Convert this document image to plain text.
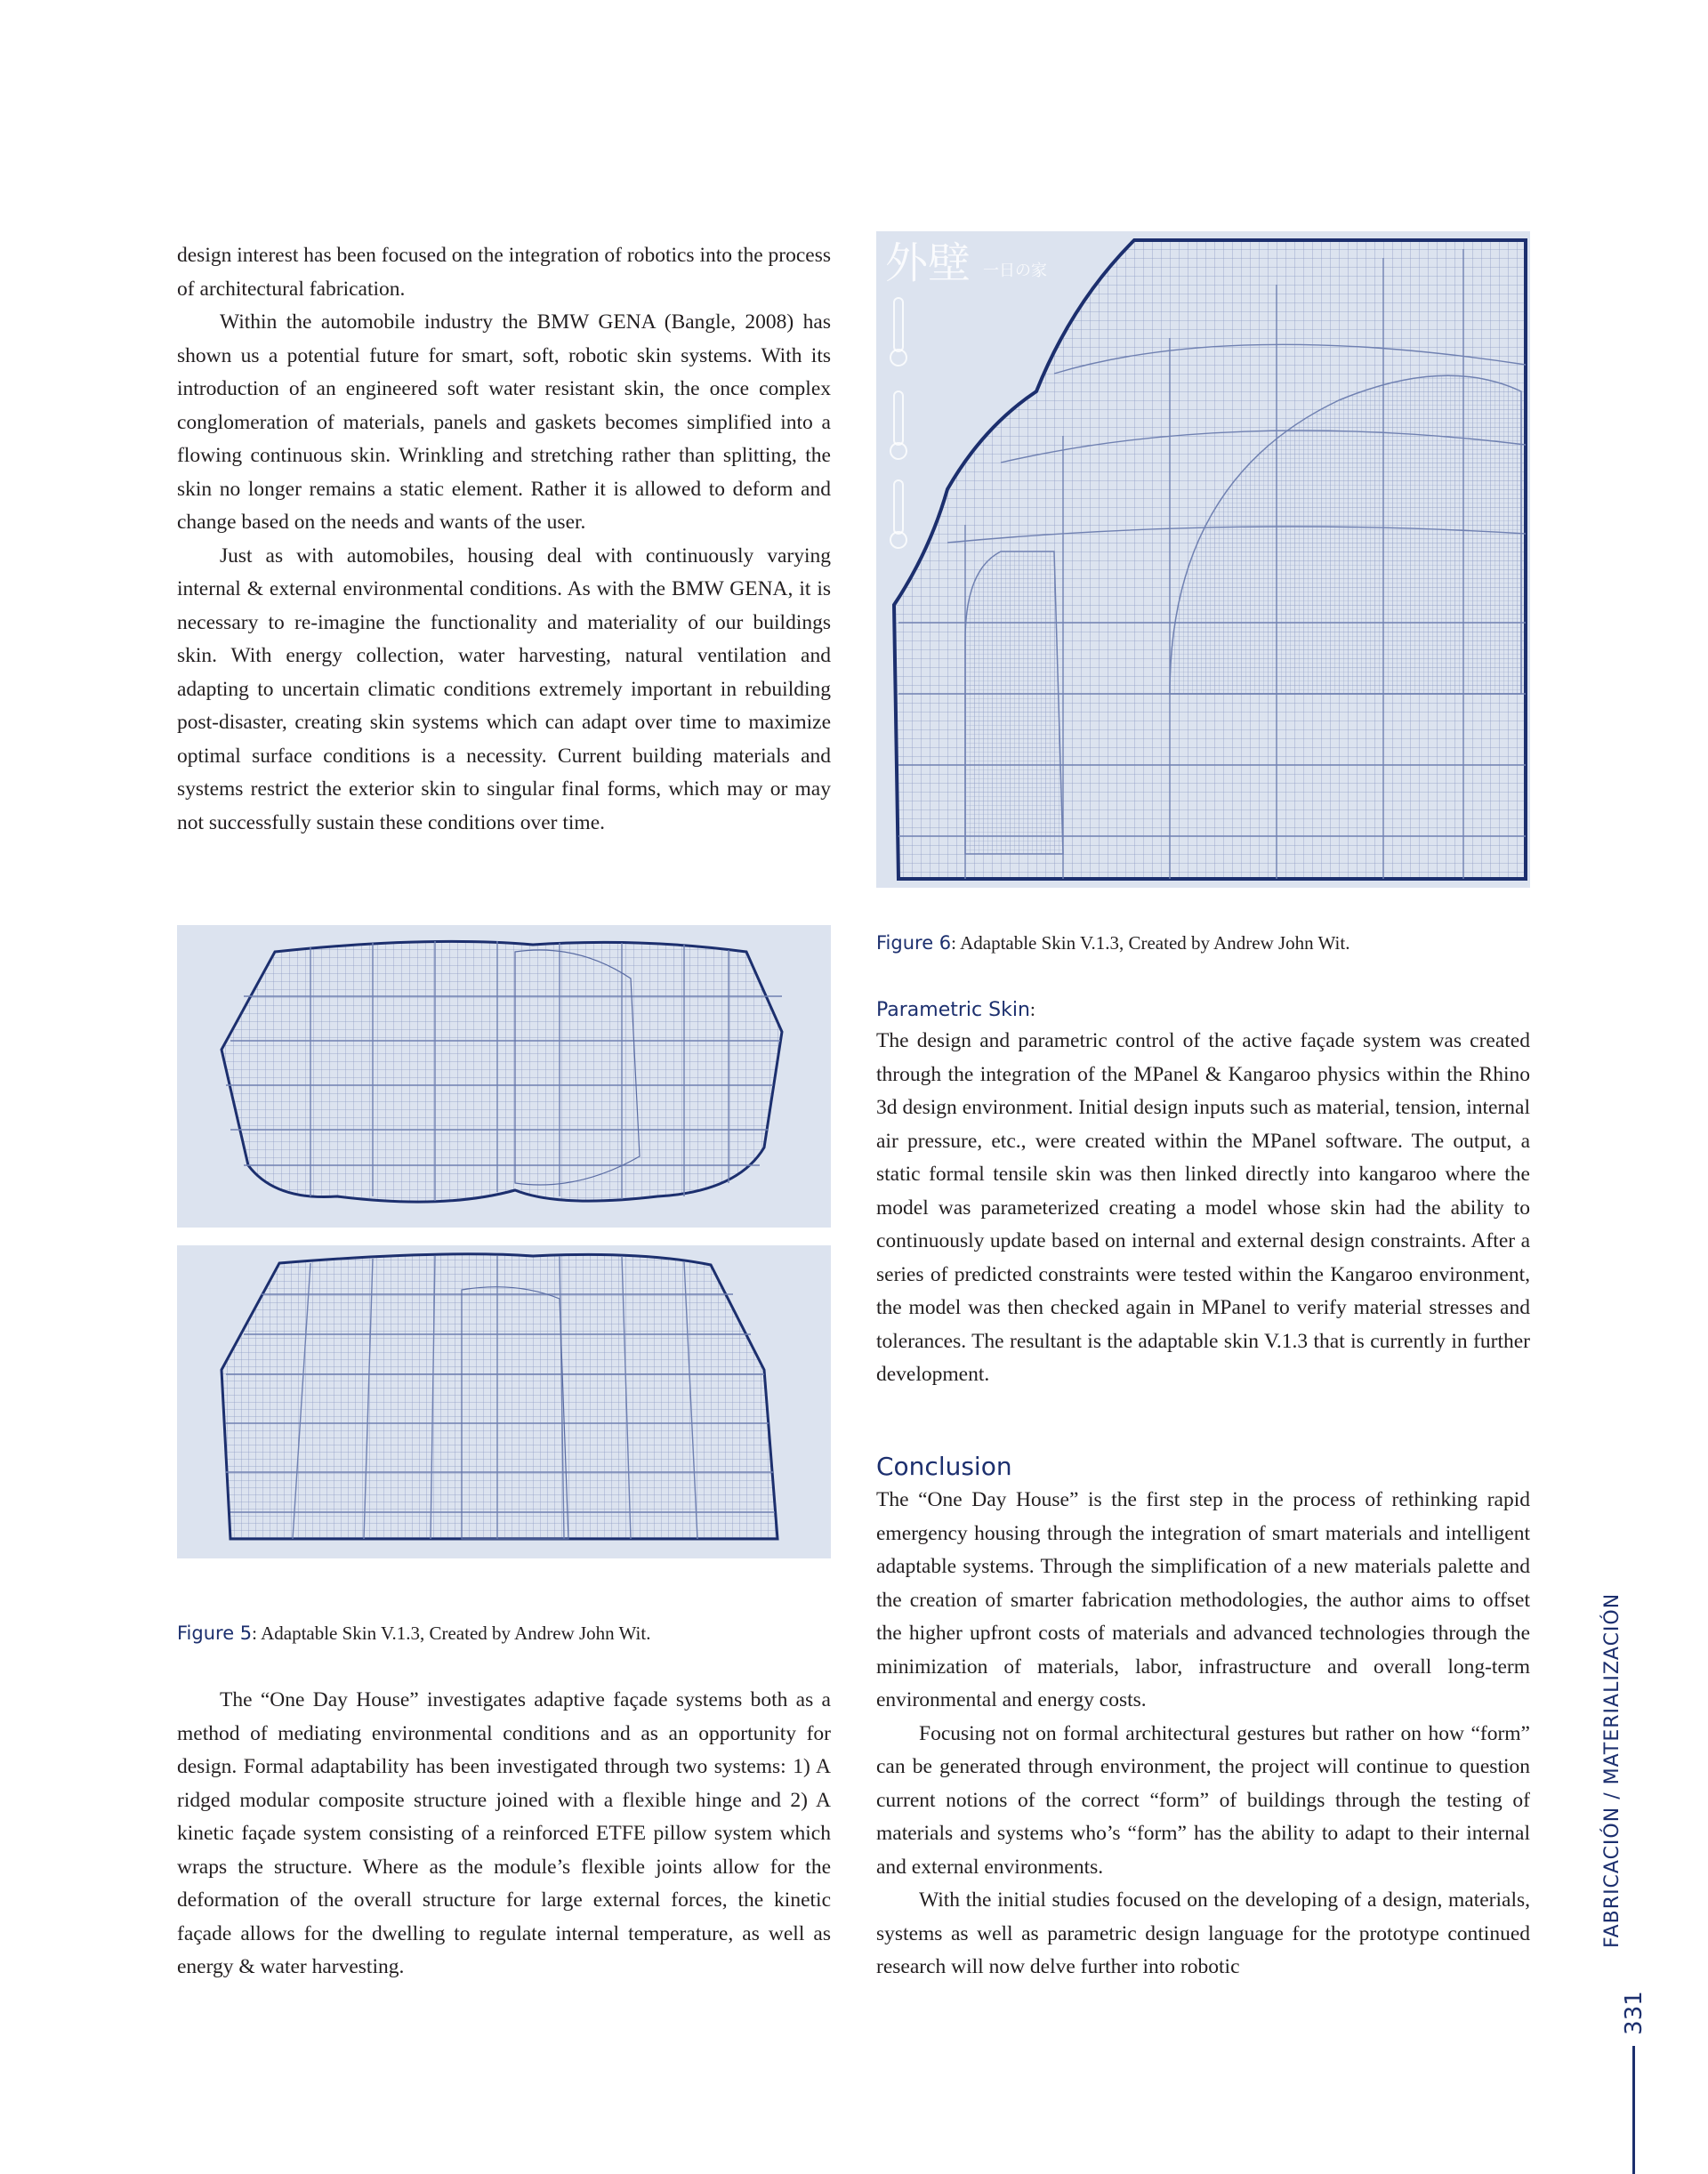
design interest has been focused on the integration of robotics into the process of architectural fabrication.

Within the automobile industry the BMW GENA (Bangle, 2008) has shown us a potential future for smart, soft, robotic skin systems. With its introduction of an engineered soft water resistant skin, the once complex conglomeration of materials, panels and gaskets becomes simplified into a flowing continuous skin. Wrinkling and stretching rather than splitting, the skin no longer remains a static element. Rather it is allowed to deform and change based on the needs and wants of the user.

Just as with automobiles, housing deal with continuously varying internal & external environmental conditions. As with the BMW GENA, it is necessary to re-imagine the functionality and materiality of our buildings skin. With energy collection, water harvesting, natural ventilation and adapting to uncertain climatic conditions extremely important in rebuilding post-disaster, creating skin systems which can adapt over time to maximize optimal surface conditions is a necessity. Current building materials and systems restrict the exterior skin to singular final forms, which may or may not successfully sustain these conditions over time.

Figure 5: Adaptable Skin V.1.3, Created by Andrew John Wit.

The “One Day House” investigates adaptive façade systems both as a method of mediating environmental conditions and as an opportunity for design. Formal adaptability has been investigated through two systems: 1) A ridged modular composite structure joined with a flexible hinge and 2) A kinetic façade system consisting of a reinforced ETFE pillow system which wraps the structure. Where as the module’s flexible joints allow for the deformation of the overall structure for large external forces, the kinetic façade allows for the dwelling to regulate internal temperature, as well as energy & water harvesting.

外壁 一日の家
Figure 6: Adaptable Skin V.1.3, Created by Andrew John Wit.
Parametric Skin:

The design and parametric control of the active façade system was created through the integration of the MPanel & Kangaroo physics within the Rhino 3d design environment. Initial design inputs such as material, tension, internal air pressure, etc., were created within the MPanel software. The output, a static formal tensile skin was then linked directly into kangaroo where the model was parameterized creating a model whose skin had the ability to continuously update based on internal and external design constraints. After a series of predicted constraints were tested within the Kangaroo environment, the model was then checked again in MPanel to verify material stresses and tolerances. The resultant is the adaptable skin V.1.3 that is currently in further development.

Conclusion

The “One Day House” is the first step in the process of rethinking rapid emergency housing through the integration of smart materials and intelligent adaptable systems. Through the simplification of a new materials palette and the creation of smarter fabrication methodologies, the author aims to offset the higher upfront costs of materials and advanced technologies through the minimization of materials, labor, infrastructure and overall long-term environmental and energy costs.

Focusing not on formal architectural gestures but rather on how “form” can be generated through environment, the project will continue to question current notions of the correct “form” of buildings through the testing of materials and systems who’s “form” has the ability to adapt to their internal and external environments.

With the initial studies focused on the developing of a design, materials, systems as well as parametric design language for the prototype continued research will now delve further into robotic

FABRICACIÓN / MATERIALIZACIÓN
331
